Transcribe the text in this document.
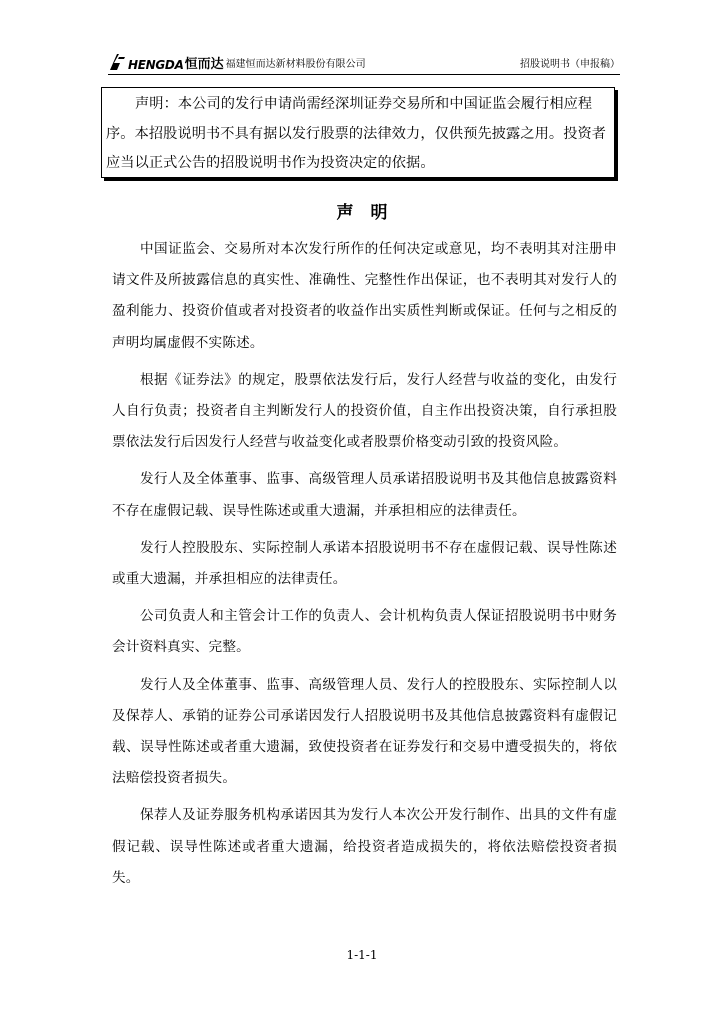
HENGDA 恒而达 福建恒而达新材料股份有限公司	招股说明书（申报稿）
声明：本公司的发行申请尚需经深圳证券交易所和中国证监会履行相应程序。本招股说明书不具有据以发行股票的法律效力，仅供预先披露之用。投资者应当以正式公告的招股说明书作为投资决定的依据。
声明

中国证监会、交易所对本次发行所作的任何决定或意见，均不表明其对注册申请文件及所披露信息的真实性、准确性、完整性作出保证，也不表明其对发行人的盈利能力、投资价值或者对投资者的收益作出实质性判断或保证。任何与之相反的声明均属虚假不实陈述。

根据《证券法》的规定，股票依法发行后，发行人经营与收益的变化，由发行人自行负责；投资者自主判断发行人的投资价值，自主作出投资决策，自行承担股票依法发行后因发行人经营与收益变化或者股票价格变动引致的投资风险。

发行人及全体董事、监事、高级管理人员承诺招股说明书及其他信息披露资料不存在虚假记载、误导性陈述或重大遗漏，并承担相应的法律责任。

发行人控股股东、实际控制人承诺本招股说明书不存在虚假记载、误导性陈述或重大遗漏，并承担相应的法律责任。

公司负责人和主管会计工作的负责人、会计机构负责人保证招股说明书中财务会计资料真实、完整。

发行人及全体董事、监事、高级管理人员、发行人的控股股东、实际控制人以及保荐人、承销的证券公司承诺因发行人招股说明书及其他信息披露资料有虚假记载、误导性陈述或者重大遗漏，致使投资者在证券发行和交易中遭受损失的，将依法赔偿投资者损失。

保荐人及证券服务机构承诺因其为发行人本次公开发行制作、出具的文件有虚假记载、误导性陈述或者重大遗漏，给投资者造成损失的，将依法赔偿投资者损失。

1-1-1
